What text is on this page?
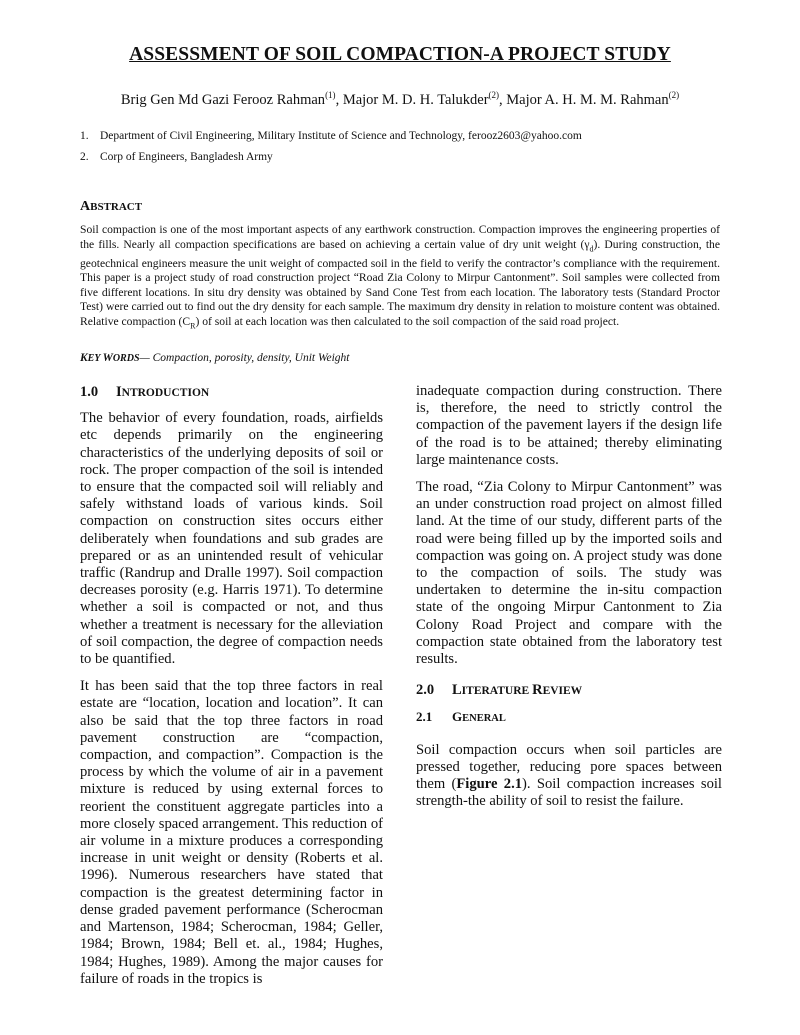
ASSESSMENT OF SOIL COMPACTION-A PROJECT STUDY
Brig Gen Md Gazi Ferooz Rahman$^{(1)}$, Major M. D. H. Talukder$^{(2)}$, Major A. H. M. M. Rahman$^{(2)}$
1. Department of Civil Engineering, Military Institute of Science and Technology, ferooz2603@yahoo.com
2. Corp of Engineers, Bangladesh Army
ABSTRACT
Soil compaction is one of the most important aspects of any earthwork construction. Compaction improves the engineering properties of the fills. Nearly all compaction specifications are based on achieving a certain value of dry unit weight $(\gamma_d)$. During construction, the geotechnical engineers measure the unit weight of compacted soil in the field to verify the contractor’s compliance with the requirement. This paper is a project study of road construction project “Road Zia Colony to Mirpur Cantonment”. Soil samples were collected from five different locations. In situ dry density was obtained by Sand Cone Test from each location. The laboratory tests (Standard Proctor Test) were carried out to find out the dry density for each sample. The maximum dry density in relation to moisture content was obtained. Relative compaction $(C_R)$ of soil at each location was then calculated to the soil compaction of the said road project.
KEY WORDS— Compaction, porosity, density, Unit Weight
1.0 INTRODUCTION

The behavior of every foundation, roads, airfields etc depends primarily on the engineering characteristics of the underlying deposits of soil or rock. The proper compaction of the soil is intended to ensure that the compacted soil will reliably and safely withstand loads of various kinds. Soil compaction on construction sites occurs either deliberately when foundations and sub grades are prepared or as an unintended result of vehicular traffic (Randrup and Dralle 1997). Soil compaction decreases porosity (e.g. Harris 1971). To determine whether a soil is compacted or not, and thus whether a treatment is necessary for the alleviation of soil compaction, the degree of compaction needs to be quantified.

It has been said that the top three factors in real estate are “location, location and location”. It can also be said that the top three factors in road pavement construction are “compaction, compaction, and compaction”. Compaction is the process by which the volume of air in a pavement mixture is reduced by using external forces to reorient the constituent aggregate particles into a more closely spaced arrangement. This reduction of air volume in a mixture produces a corresponding increase in unit weight or density (Roberts et al. 1996). Numerous researchers have stated that compaction is the greatest determining factor in dense graded pavement performance (Scherocman and Martenson, 1984; Scherocman, 1984; Geller, 1984; Brown, 1984; Bell et. al., 1984; Hughes, 1984; Hughes, 1989). Among the major causes for failure of roads in the tropics is

inadequate compaction during construction. There is, therefore, the need to strictly control the compaction of the pavement layers if the design life of the road is to be attained; thereby eliminating large maintenance costs.

The road, “Zia Colony to Mirpur Cantonment” was an under construction road project on almost filled land. At the time of our study, different parts of the road were being filled up by the imported soils and compaction was going on. A project study was done to the compaction of soils. The study was undertaken to determine the in-situ compaction state of the ongoing Mirpur Cantonment to Zia Colony Road Project and compare with the compaction state obtained from the laboratory test results.

2.0 LITERATURE REVIEW
2.1 GENERAL

Soil compaction occurs when soil particles are pressed together, reducing pore spaces between them (Figure 2.1). Soil compaction increases soil strength-the ability of soil to resist the failure.
